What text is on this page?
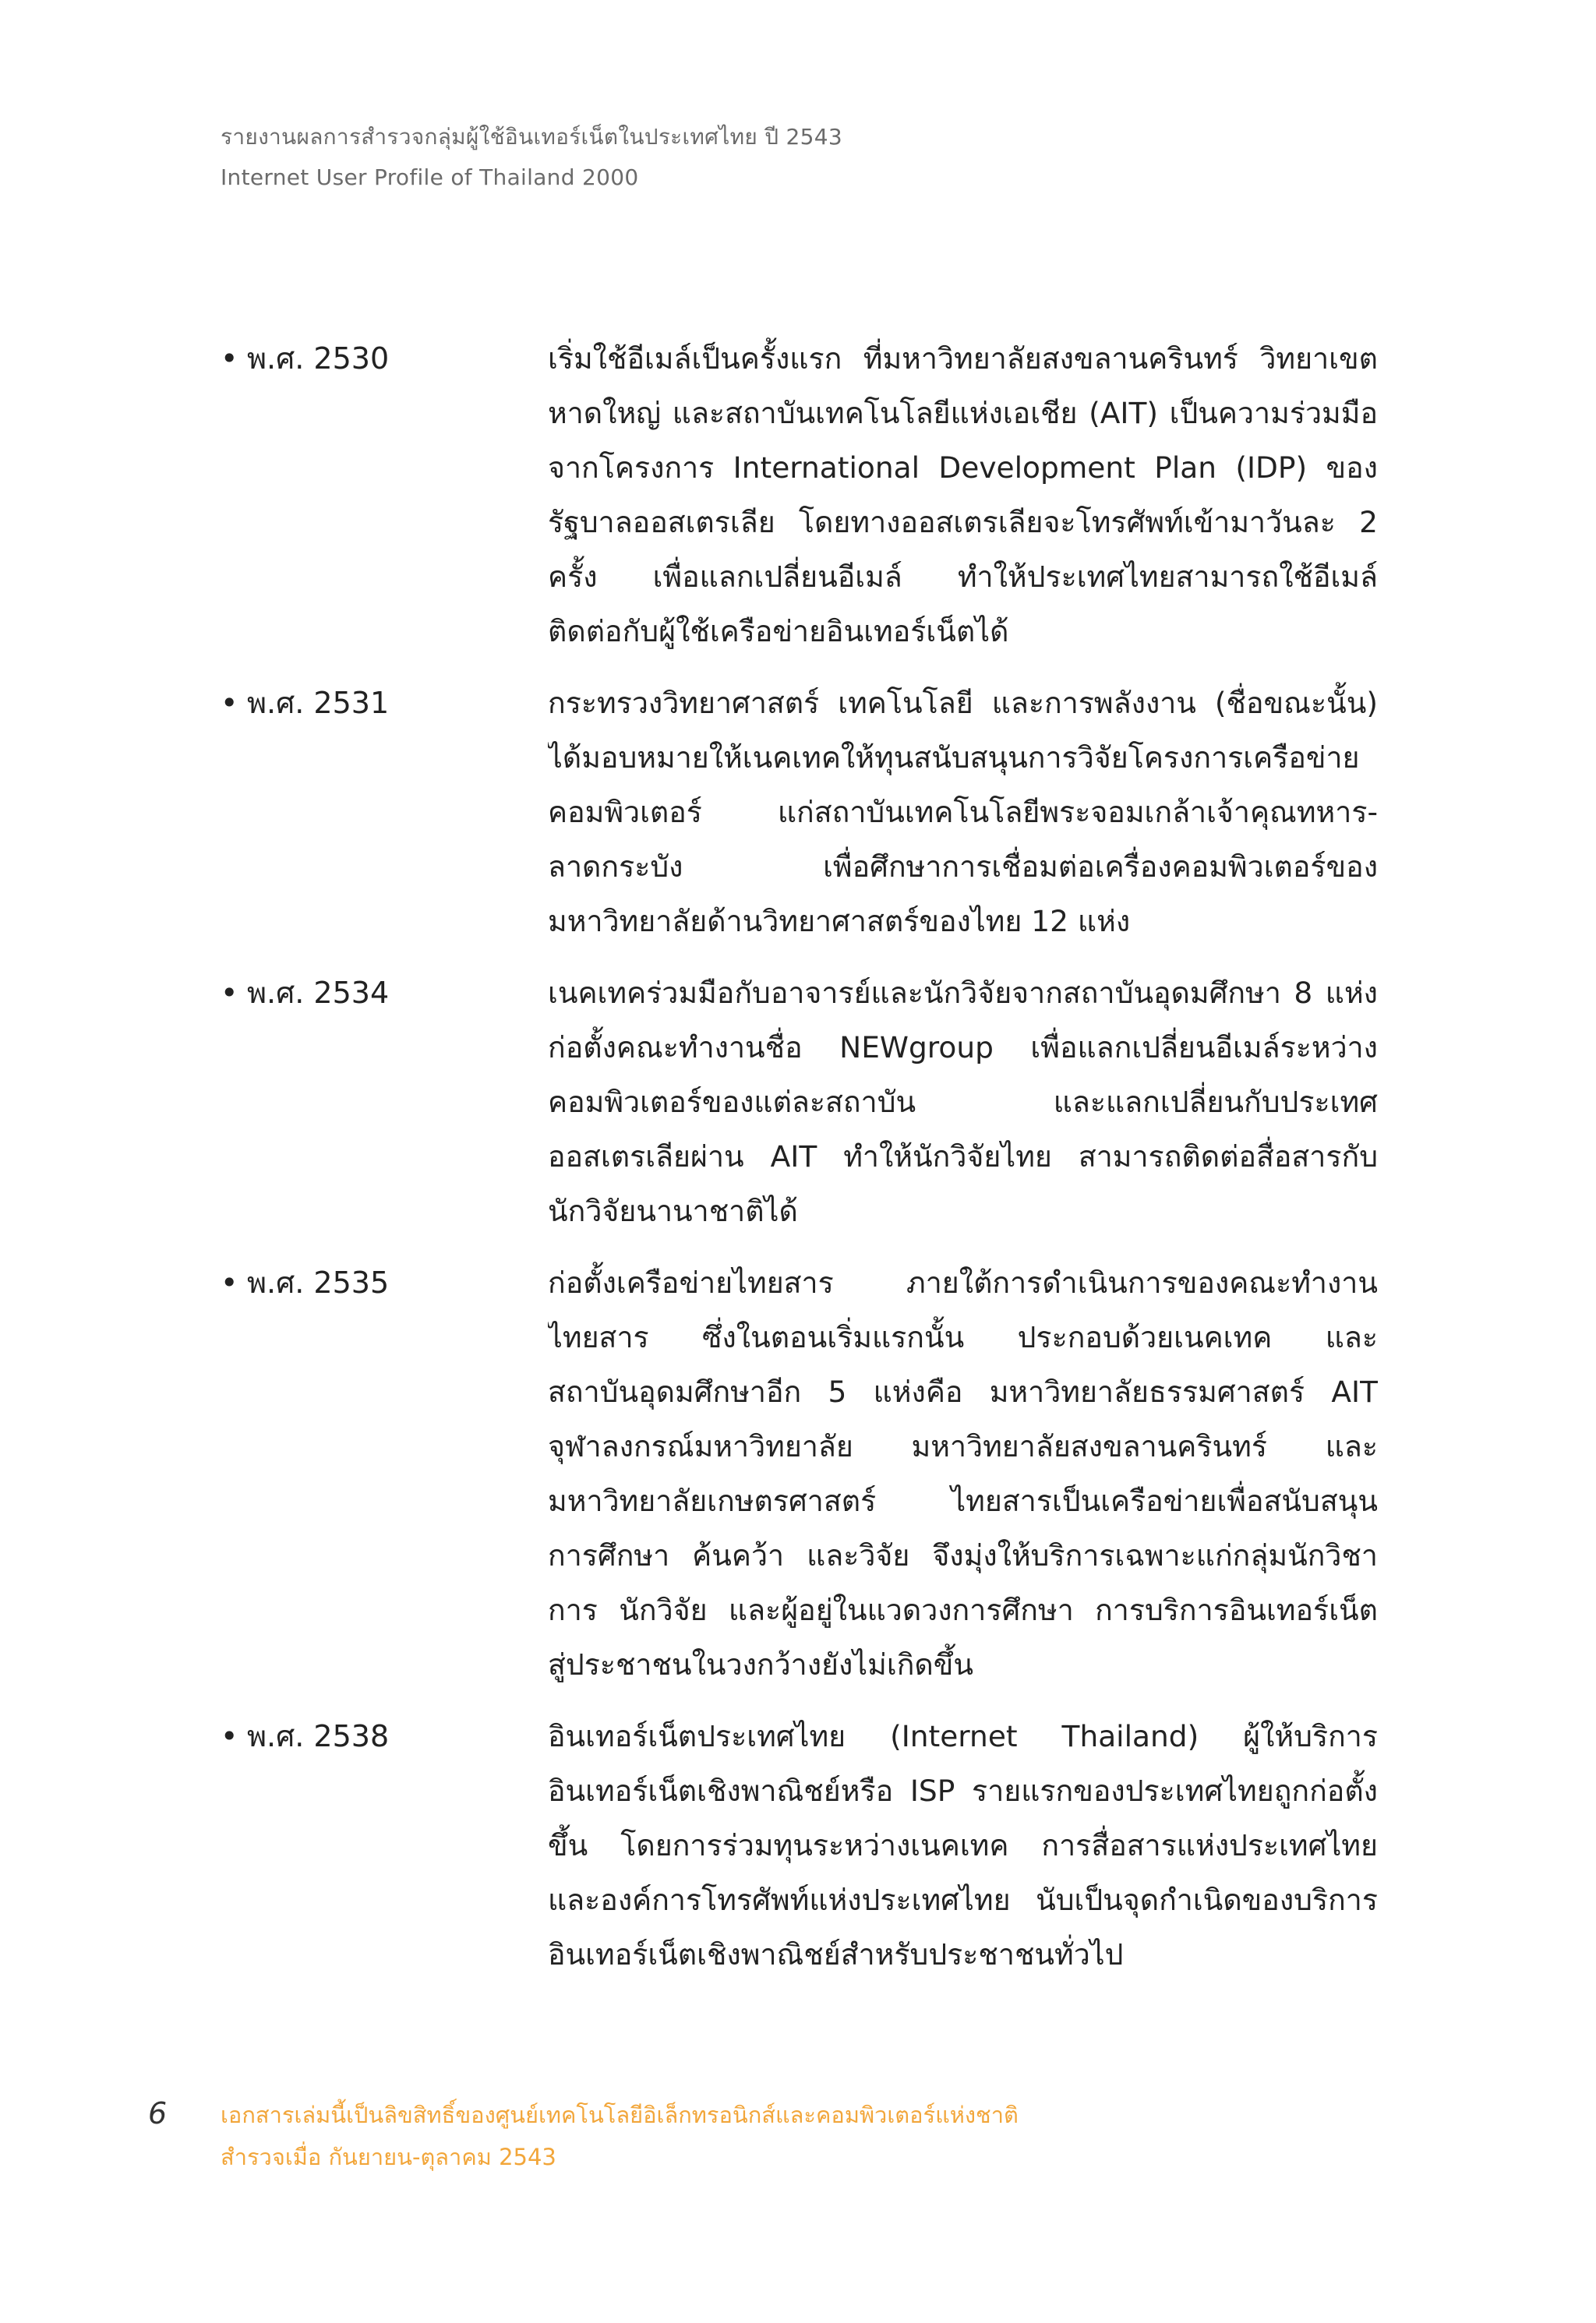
รายงานผลการสำรวจกลุ่มผู้ใช้อินเทอร์เน็ตในประเทศไทย ปี 2543
Internet User Profile of Thailand 2000
• พ.ศ. 2530	เริ่มใช้อีเมล์เป็นครั้งแรก ที่มหาวิทยาลัยสงขลานครินทร์ วิทยาเขต
หาดใหญ่ และสถาบันเทคโนโลยีแห่งเอเชีย (AIT) เป็นความร่วมมือ
จากโครงการ International Development Plan (IDP) ของ
รัฐบาลออสเตรเลีย โดยทางออสเตรเลียจะโทรศัพท์เข้ามาวันละ 2
ครั้ง เพื่อแลกเปลี่ยนอีเมล์ ทำให้ประเทศไทยสามารถใช้อีเมล์
ติดต่อกับผู้ใช้เครือข่ายอินเทอร์เน็ตได้
• พ.ศ. 2531	กระทรวงวิทยาศาสตร์ เทคโนโลยี และการพลังงาน (ชื่อขณะนั้น)
ได้มอบหมายให้เนคเทคให้ทุนสนับสนุนการวิจัยโครงการเครือข่าย
คอมพิวเตอร์ แก่สถาบันเทคโนโลยีพระจอมเกล้าเจ้าคุณทหาร-
ลาดกระบัง เพื่อศึกษาการเชื่อมต่อเครื่องคอมพิวเตอร์ของ
มหาวิทยาลัยด้านวิทยาศาสตร์ของไทย 12 แห่ง
• พ.ศ. 2534	เนคเทคร่วมมือกับอาจารย์และนักวิจัยจากสถาบันอุดมศึกษา 8 แห่ง
ก่อตั้งคณะทำงานชื่อ NEWgroup เพื่อแลกเปลี่ยนอีเมล์ระหว่าง
คอมพิวเตอร์ของแต่ละสถาบัน และแลกเปลี่ยนกับประเทศ
ออสเตรเลียผ่าน AIT ทำให้นักวิจัยไทย สามารถติดต่อสื่อสารกับ
นักวิจัยนานาชาติได้
• พ.ศ. 2535	ก่อตั้งเครือข่ายไทยสาร ภายใต้การดำเนินการของคณะทำงาน
ไทยสาร ซึ่งในตอนเริ่มแรกนั้น ประกอบด้วยเนคเทค และ
สถาบันอุดมศึกษาอีก 5 แห่งคือ มหาวิทยาลัยธรรมศาสตร์ AIT
จุฬาลงกรณ์มหาวิทยาลัย มหาวิทยาลัยสงขลานครินทร์ และ
มหาวิทยาลัยเกษตรศาสตร์ ไทยสารเป็นเครือข่ายเพื่อสนับสนุน
การศึกษา ค้นคว้า และวิจัย จึงมุ่งให้บริการเฉพาะแก่กลุ่มนักวิชา
การ นักวิจัย และผู้อยู่ในแวดวงการศึกษา การบริการอินเทอร์เน็ต
สู่ประชาชนในวงกว้างยังไม่เกิดขึ้น
• พ.ศ. 2538	อินเทอร์เน็ตประเทศไทย (Internet Thailand) ผู้ให้บริการ
อินเทอร์เน็ตเชิงพาณิชย์หรือ ISP รายแรกของประเทศไทยถูกก่อตั้ง
ขึ้น โดยการร่วมทุนระหว่างเนคเทค การสื่อสารแห่งประเทศไทย
และองค์การโทรศัพท์แห่งประเทศไทย นับเป็นจุดกำเนิดของบริการ
อินเทอร์เน็ตเชิงพาณิชย์สำหรับประชาชนทั่วไป
6 เอกสารเล่มนี้เป็นลิขสิทธิ์ของศูนย์เทคโนโลยีอิเล็กทรอนิกส์และคอมพิวเตอร์แห่งชาติ
สำรวจเมื่อ กันยายน-ตุลาคม 2543
